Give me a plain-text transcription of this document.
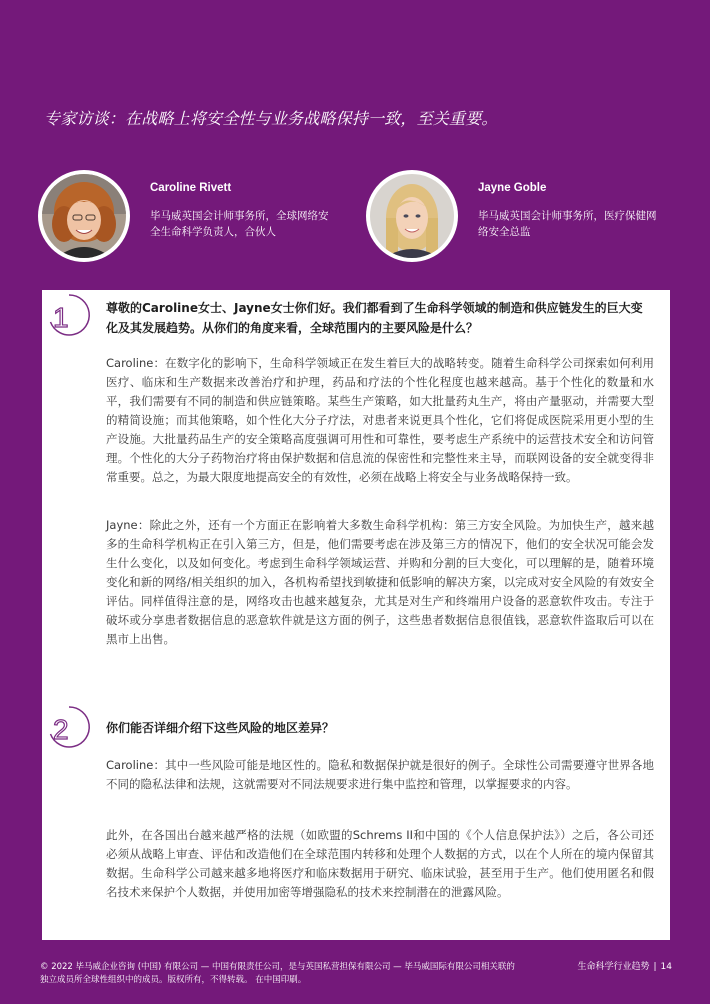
专家访谈：在战略上将安全性与业务战略保持一致，至关重要。
Caroline Rivett
毕马威英国会计师事务所，全球网络安全生命科学负责人，合伙人
Jayne Goble
毕马威英国会计师事务所，医疗保健网络安全总监
1	尊敬的Caroline女士、Jayne女士你们好。我们都看到了生命科学领域的制造和供应链发生的巨大变化及其发展趋势。从你们的角度来看，全球范围内的主要风险是什么？
Caroline：在数字化的影响下，生命科学领域正在发生着巨大的战略转变。随着生命科学公司探索如何利用医疗、临床和生产数据来改善治疗和护理，药品和疗法的个性化程度也越来越高。基于个性化的数量和水平，我们需要有不同的制造和供应链策略。某些生产策略，如大批量药丸生产，将由产量驱动，并需要大型的精简设施；而其他策略，如个性化大分子疗法，对患者来说更具个性化，它们将促成医院采用更小型的生产设施。大批量药品生产的安全策略高度强调可用性和可靠性，要考虑生产系统中的运营技术安全和访问管理。个性化的大分子药物治疗将由保护数据和信息流的保密性和完整性来主导，而联网设备的安全就变得非常重要。总之，为最大限度地提高安全的有效性，必须在战略上将安全与业务战略保持一致。
Jayne：除此之外，还有一个方面正在影响着大多数生命科学机构：第三方安全风险。为加快生产，越来越多的生命科学机构正在引入第三方，但是，他们需要考虑在涉及第三方的情况下，他们的安全状况可能会发生什么变化，以及如何变化。考虑到生命科学领域运营、并购和分割的巨大变化，可以理解的是，随着环境变化和新的网络/相关组织的加入，各机构希望找到敏捷和低影响的解决方案，以完成对安全风险的有效安全评估。同样值得注意的是，网络攻击也越来越复杂，尤其是对生产和终端用户设备的恶意软件攻击。专注于破坏或分享患者数据信息的恶意软件就是这方面的例子，这些患者数据信息很值钱，恶意软件盗取后可以在黑市上出售。
2	你们能否详细介绍下这些风险的地区差异？
Caroline：其中一些风险可能是地区性的。隐私和数据保护就是很好的例子。全球性公司需要遵守世界各地不同的隐私法律和法规，这就需要对不同法规要求进行集中监控和管理，以掌握要求的内容。
此外，在各国出台越来越严格的法规（如欧盟的Schrems II和中国的《个人信息保护法》）之后，各公司还必须从战略上审查、评估和改造他们在全球范围内转移和处理个人数据的方式，以在个人所在的境内保留其数据。生命科学公司越来越多地将医疗和临床数据用于研究、临床试验，甚至用于生产。他们使用匿名和假名技术来保护个人数据，并使用加密等增强隐私的技术来控制潜在的泄露风险。
© 2022 毕马威企业咨询 (中国) 有限公司 — 中国有限责任公司，是与英国私营担保有限公司 — 毕马威国际有限公司相关联的独立成员所全球性组织中的成员。版权所有，不得转载。 在中国印刷。
生命科学行业趋势 | 14
